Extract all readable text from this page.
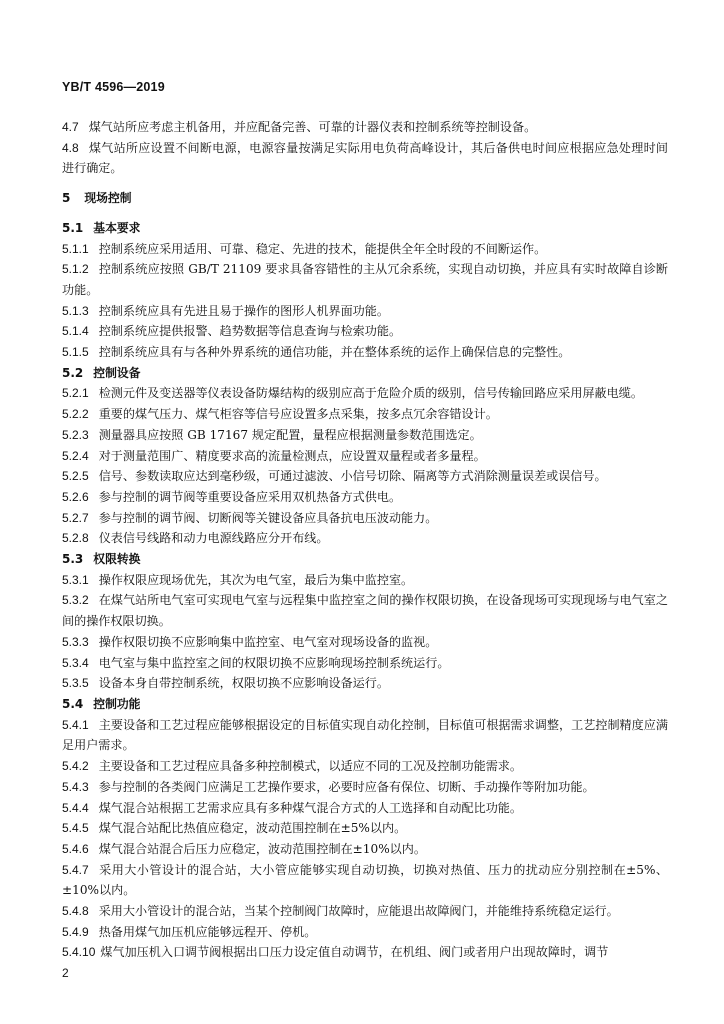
YB/T 4596—2019

4.7 煤气站所应考虑主机备用，并应配备完善、可靠的计器仪表和控制系统等控制设备。

4.8 煤气站所应设置不间断电源，电源容量按满足实际用电负荷高峰设计，其后备供电时间应根据应急处理时间进行确定。

5 现场控制

5.1 基本要求

5.1.1 控制系统应采用适用、可靠、稳定、先进的技术，能提供全年全时段的不间断运作。

5.1.2 控制系统应按照 GB/T 21109 要求具备容错性的主从冗余系统，实现自动切换，并应具有实时故障自诊断功能。

5.1.3 控制系统应具有先进且易于操作的图形人机界面功能。

5.1.4 控制系统应提供报警、趋势数据等信息查询与检索功能。

5.1.5 控制系统应具有与各种外界系统的通信功能，并在整体系统的运作上确保信息的完整性。

5.2 控制设备

5.2.1 检测元件及变送器等仪表设备防爆结构的级别应高于危险介质的级别，信号传输回路应采用屏蔽电缆。

5.2.2 重要的煤气压力、煤气柜容等信号应设置多点采集，按多点冗余容错设计。

5.2.3 测量器具应按照 GB 17167 规定配置，量程应根据测量参数范围选定。

5.2.4 对于测量范围广、精度要求高的流量检测点，应设置双量程或者多量程。

5.2.5 信号、参数读取应达到毫秒级，可通过滤波、小信号切除、隔离等方式消除测量误差或误信号。

5.2.6 参与控制的调节阀等重要设备应采用双机热备方式供电。

5.2.7 参与控制的调节阀、切断阀等关键设备应具备抗电压波动能力。

5.2.8 仪表信号线路和动力电源线路应分开布线。

5.3 权限转换

5.3.1 操作权限应现场优先，其次为电气室，最后为集中监控室。

5.3.2 在煤气站所电气室可实现电气室与远程集中监控室之间的操作权限切换，在设备现场可实现现场与电气室之间的操作权限切换。

5.3.3 操作权限切换不应影响集中监控室、电气室对现场设备的监视。

5.3.4 电气室与集中监控室之间的权限切换不应影响现场控制系统运行。

5.3.5 设备本身自带控制系统，权限切换不应影响设备运行。

5.4 控制功能

5.4.1 主要设备和工艺过程应能够根据设定的目标值实现自动化控制，目标值可根据需求调整，工艺控制精度应满足用户需求。

5.4.2 主要设备和工艺过程应具备多种控制模式，以适应不同的工况及控制功能需求。

5.4.3 参与控制的各类阀门应满足工艺操作要求，必要时应备有保位、切断、手动操作等附加功能。

5.4.4 煤气混合站根据工艺需求应具有多种煤气混合方式的人工选择和自动配比功能。

5.4.5 煤气混合站配比热值应稳定，波动范围控制在±5%以内。

5.4.6 煤气混合站混合后压力应稳定，波动范围控制在±10%以内。

5.4.7 采用大小管设计的混合站，大小管应能够实现自动切换，切换对热值、压力的扰动应分别控制在±5%、±10%以内。

5.4.8 采用大小管设计的混合站，当某个控制阀门故障时，应能退出故障阀门，并能维持系统稳定运行。

5.4.9 热备用煤气加压机应能够远程开、停机。

5.4.10 煤气加压机入口调节阀根据出口压力设定值自动调节，在机组、阀门或者用户出现故障时，调节

2
